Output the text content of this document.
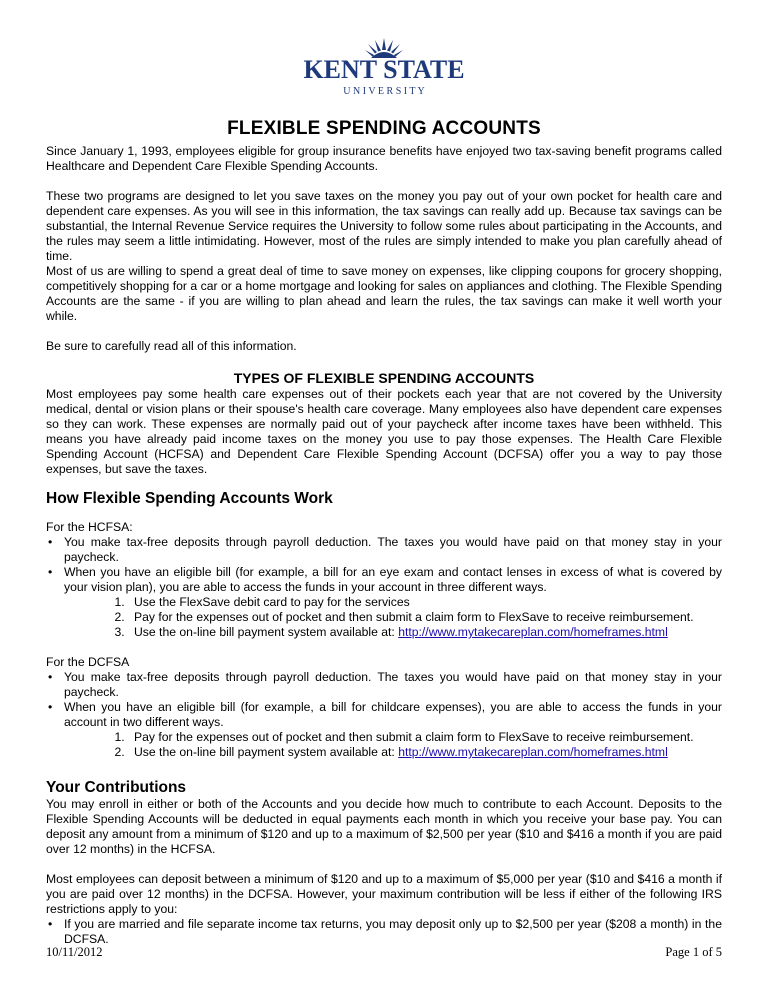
KENT STATE
U N I V E R S I T Y
FLEXIBLE SPENDING ACCOUNTS

Since January 1, 1993, employees eligible for group insurance benefits have enjoyed two tax-saving benefit programs called Healthcare and Dependent Care Flexible Spending Accounts.

These two programs are designed to let you save taxes on the money you pay out of your own pocket for health care and dependent care expenses. As you will see in this information, the tax savings can really add up. Because tax savings can be substantial, the Internal Revenue Service requires the University to follow some rules about participating in the Accounts, and the rules may seem a little intimidating. However, most of the rules are simply intended to make you plan carefully ahead of time.

Most of us are willing to spend a great deal of time to save money on expenses, like clipping coupons for grocery shopping, competitively shopping for a car or a home mortgage and looking for sales on appliances and clothing. The Flexible Spending Accounts are the same - if you are willing to plan ahead and learn the rules, the tax savings can make it well worth your while.

Be sure to carefully read all of this information.

TYPES OF FLEXIBLE SPENDING ACCOUNTS

Most employees pay some health care expenses out of their pockets each year that are not covered by the University medical, dental or vision plans or their spouse's health care coverage. Many employees also have dependent care expenses so they can work. These expenses are normally paid out of your paycheck after income taxes have been withheld. This means you have already paid income taxes on the money you use to pay those expenses. The Health Care Flexible Spending Account (HCFSA) and Dependent Care Flexible Spending Account (DCFSA) offer you a way to pay those expenses, but save the taxes.

How Flexible Spending Accounts Work

For the HCFSA:

• You make tax-free deposits through payroll deduction. The taxes you would have paid on that money stay in your paycheck.
• When you have an eligible bill (for example, a bill for an eye exam and contact lenses in excess of what is covered by your vision plan), you are able to access the funds in your account in three different ways.
1. Use the FlexSave debit card to pay for the services
2. Pay for the expenses out of pocket and then submit a claim form to FlexSave to receive reimbursement.
3. Use the on-line bill payment system available at: http://www.mytakecareplan.com/homeframes.html

For the DCFSA

• You make tax-free deposits through payroll deduction. The taxes you would have paid on that money stay in your paycheck.
• When you have an eligible bill (for example, a bill for childcare expenses), you are able to access the funds in your account in two different ways.
1. Pay for the expenses out of pocket and then submit a claim form to FlexSave to receive reimbursement.
2. Use the on-line bill payment system available at: http://www.mytakecareplan.com/homeframes.html
Your Contributions

You may enroll in either or both of the Accounts and you decide how much to contribute to each Account. Deposits to the Flexible Spending Accounts will be deducted in equal payments each month in which you receive your base pay. You can deposit any amount from a minimum of $120 and up to a maximum of $2,500 per year ($10 and $416 a month if you are paid over 12 months) in the HCFSA.

Most employees can deposit between a minimum of $120 and up to a maximum of $5,000 per year ($10 and $416 a month if you are paid over 12 months) in the DCFSA. However, your maximum contribution will be less if either of the following IRS restrictions apply to you:

• If you are married and file separate income tax returns, you may deposit only up to $2,500 per year ($208 a month) in the DCFSA.
10/11/2012	Page 1 of 5
